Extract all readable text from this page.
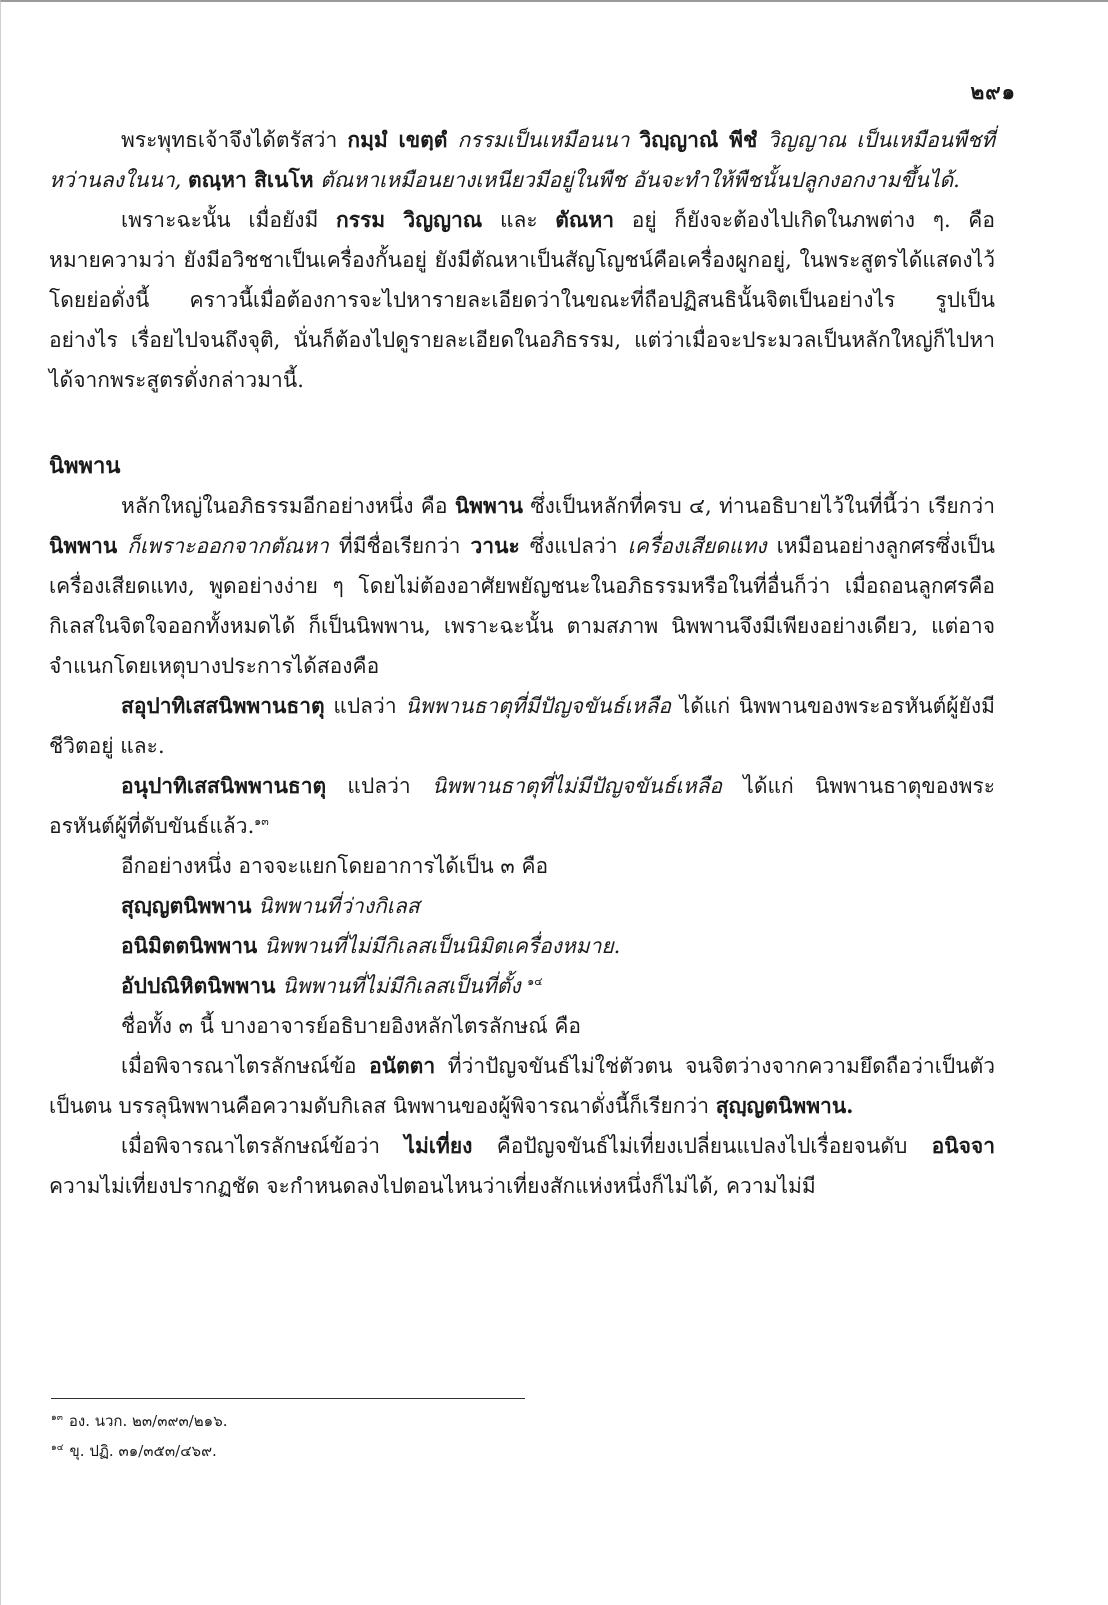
๒๙๑

พระพุทธเจ้าจึงได้ตรัสว่า กมฺมํ เขตฺตํ กรรมเป็นเหมือนนา วิญฺญาณํ พีชํ วิญญาณ เป็นเหมือนพืชที่หว่านลงในนา, ตณฺหา สิเนโห ตัณหาเหมือนยางเหนียวมีอยู่ในพืช อันจะทำให้พืชนั้นปลูกงอกงามขึ้นได้.

เพราะฉะนั้น เมื่อยังมี กรรม วิญญาณ และ ตัณหา อยู่ ก็ยังจะต้องไปเกิดในภพต่าง ๆ. คือหมายความว่า ยังมีอวิชชาเป็นเครื่องกั้นอยู่ ยังมีตัณหาเป็นสัญโญชน์คือเครื่องผูกอยู่, ในพระสูตรได้แสดงไว้โดยย่อดั่งนี้ คราวนี้เมื่อต้องการจะไปหารายละเอียดว่าในขณะที่ถือปฏิสนธินั้นจิตเป็นอย่างไร รูปเป็นอย่างไร เรื่อยไปจนถึงจุติ, นั่นก็ต้องไปดูรายละเอียดในอภิธรรม, แต่ว่าเมื่อจะประมวลเป็นหลักใหญ่ก็ไปหาได้จากพระสูตรดั่งกล่าวมานี้.

นิพพาน

หลักใหญ่ในอภิธรรมอีกอย่างหนึ่ง คือ นิพพาน ซึ่งเป็นหลักที่ครบ ๔, ท่านอธิบายไว้ในที่นี้ว่า เรียกว่า นิพพาน ก็เพราะออกจากตัณหา ที่มีชื่อเรียกว่า วานะ ซึ่งแปลว่า เครื่องเสียดแทง เหมือนอย่างลูกศรซึ่งเป็นเครื่องเสียดแทง, พูดอย่างง่าย ๆ โดยไม่ต้องอาศัยพยัญชนะในอภิธรรมหรือในที่อื่นก็ว่า เมื่อถอนลูกศรคือกิเลสในจิตใจออกทั้งหมดได้ ก็เป็นนิพพาน, เพราะฉะนั้น ตามสภาพ นิพพานจึงมีเพียงอย่างเดียว, แต่อาจจำแนกโดยเหตุบางประการได้สองคือ

สอุปาทิเสสนิพพานธาตุ แปลว่า นิพพานธาตุที่มีปัญจขันธ์เหลือ ได้แก่ นิพพานของพระอรหันต์ผู้ยังมีชีวิตอยู่ และ.

อนุปาทิเสสนิพพานธาตุ แปลว่า นิพพานธาตุที่ไม่มีปัญจขันธ์เหลือ ได้แก่ นิพพานธาตุของพระอรหันต์ผู้ที่ดับขันธ์แล้ว.$^{๑๓}$

อีกอย่างหนึ่ง อาจจะแยกโดยอาการได้เป็น ๓ คือ

สุญฺญตนิพพาน นิพพานที่ว่างกิเลส

อนิมิตตนิพพาน นิพพานที่ไม่มีกิเลสเป็นนิมิตเครื่องหมาย.

อัปปณิหิตนิพพาน นิพพานที่ไม่มีกิเลสเป็นที่ตั้ง $^{๑๔}$

ชื่อทั้ง ๓ นี้ บางอาจารย์อธิบายอิงหลักไตรลักษณ์ คือ

เมื่อพิจารณาไตรลักษณ์ข้อ อนัตตา ที่ว่าปัญจขันธ์ไม่ใช่ตัวตน จนจิตว่างจากความยึดถือว่าเป็นตัวเป็นตน บรรลุนิพพานคือความดับกิเลส นิพพานของผู้พิจารณาดั่งนี้ก็เรียกว่า สุญฺญตนิพพาน.

เมื่อพิจารณาไตรลักษณ์ข้อว่า ไม่เที่ยง คือปัญจขันธ์ไม่เที่ยงเปลี่ยนแปลงไปเรื่อยจนดับ อนิจจา ความไม่เที่ยงปรากฏชัด จะกำหนดลงไปตอนไหนว่าเที่ยงสักแห่งหนึ่งก็ไม่ได้, ความไม่มี

$^{๑๓}$ อง. นวก. ๒๓/๓๙๓/๒๑๖.

$^{๑๔}$ ขุ. ปฏิ. ๓๑/๓๕๓/๔๖๙.
